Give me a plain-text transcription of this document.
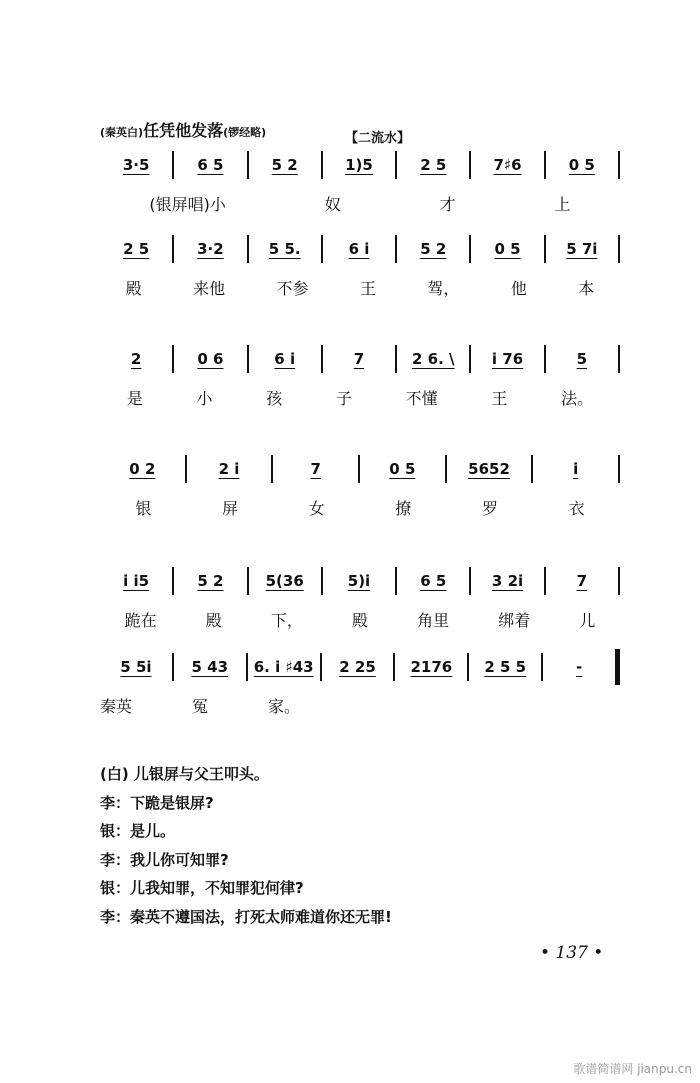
(秦英白)任凭他发落(锣经略)	【二流水】
3·5	6 5	5 2	1)5	2 5	7♯6	0 5
(银屏唱)小	奴	才	上
2 5	3·2	5 5.	6 i	5 2	0 5	5 7i
殿	来他	不参	王	驾，	他	本
2	0 6	6 i	7	2 6. \	i 76	5
是	小	孩	子	不懂	王	法。
0 2	2 i	7	0 5	5652	i
银	屏	女	撩	罗	衣
i i5	5 2	5(36	5)i	6 5	3 2i	7
跪在	殿	下，	殿	角里	绑着	儿
5 5i	5 43	6. i ♯43	2 25	2176	2 5 5	-
秦英	冤	家。
(白) 儿银屏与父王叩头。
李：下跪是银屏?
银：是儿。
李：我儿你可知罪?
银：儿我知罪，不知罪犯何律?
李：秦英不遵国法，打死太师难道你还无罪!
• 137 •
歌谱简谱网 jianpu.cn
